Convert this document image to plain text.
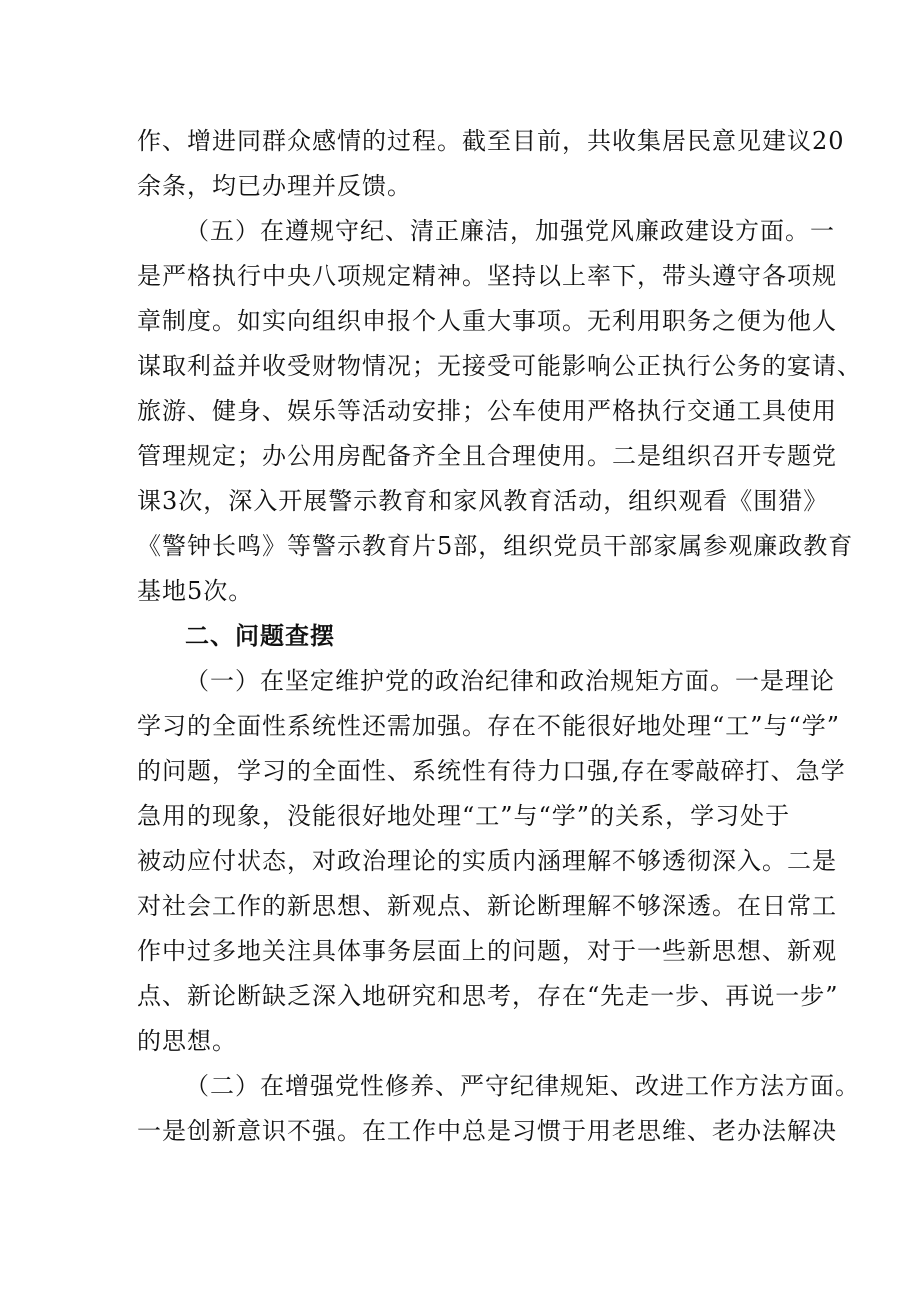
作、增进同群众感情的过程。截至目前，共收集居民意见建议20
余条，均已办理并反馈。
（五）在遵规守纪、清正廉洁，加强党风廉政建设方面。一
是严格执行中央八项规定精神。坚持以上率下，带头遵守各项规
章制度。如实向组织申报个人重大事项。无利用职务之便为他人
谋取利益并收受财物情况；无接受可能影响公正执行公务的宴请、
旅游、健身、娱乐等活动安排；公车使用严格执行交通工具使用
管理规定；办公用房配备齐全且合理使用。二是组织召开专题党
课3次，深入开展警示教育和家风教育活动，组织观看《围猎》
《警钟长鸣》等警示教育片5部，组织党员干部家属参观廉政教育
基地5次。
二、问题查摆
（一）在坚定维护党的政治纪律和政治规矩方面。一是理论
学习的全面性系统性还需加强。存在不能很好地处理“工”与“学”
的问题，学习的全面性、系统性有待力口强,存在零敲碎打、急学
急用的现象，没能很好地处理“工”与“学”的关系，学习处于
被动应付状态，对政治理论的实质内涵理解不够透彻深入。二是
对社会工作的新思想、新观点、新论断理解不够深透。在日常工
作中过多地关注具体事务层面上的问题，对于一些新思想、新观
点、新论断缺乏深入地研究和思考，存在“先走一步、再说一步”
的思想。
（二）在增强党性修养、严守纪律规矩、改进工作方法方面。
一是创新意识不强。在工作中总是习惯于用老思维、老办法解决
